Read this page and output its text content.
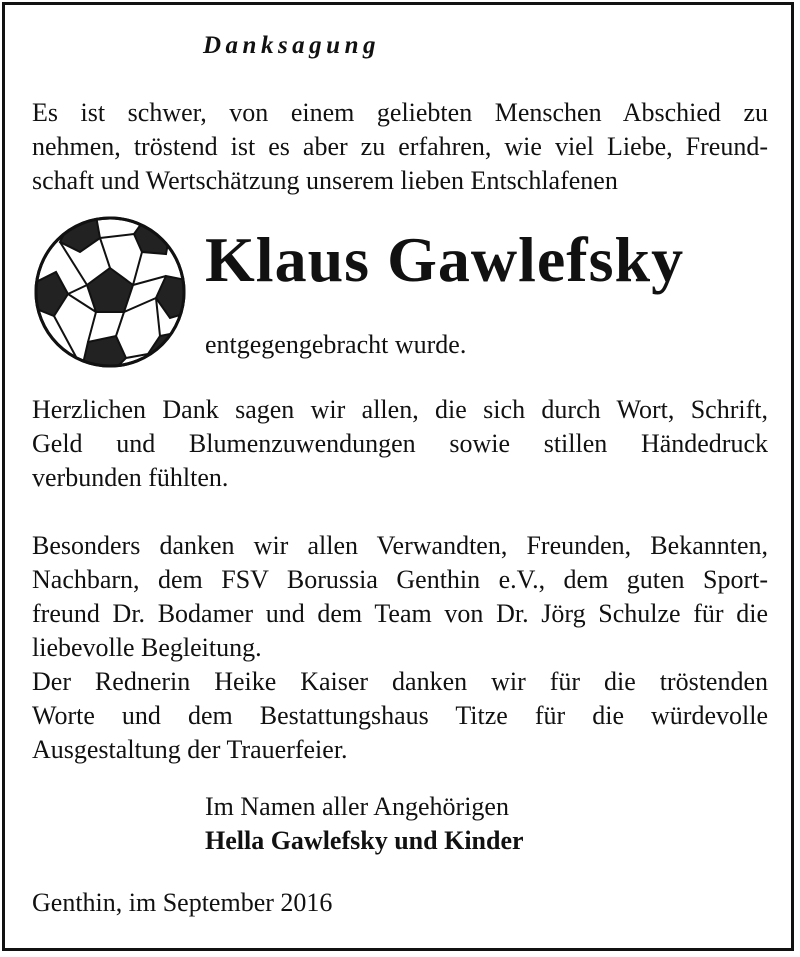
Danksagung
Es ist schwer, von einem geliebten Menschen Abschied zu
nehmen, tröstend ist es aber zu erfahren, wie viel Liebe, Freund-
schaft und Wertschätzung unserem lieben Entschlafenen
Klaus Gawlefsky
entgegengebracht wurde.
Herzlichen Dank sagen wir allen, die sich durch Wort, Schrift,
Geld und Blumenzuwendungen sowie stillen Händedruck
verbunden fühlten.
Besonders danken wir allen Verwandten, Freunden, Bekannten,
Nachbarn, dem FSV Borussia Genthin e.V., dem guten Sport-
freund Dr. Bodamer und dem Team von Dr. Jörg Schulze für die
liebevolle Begleitung.
Der Rednerin Heike Kaiser danken wir für die tröstenden
Worte und dem Bestattungshaus Titze für die würdevolle
Ausgestaltung der Trauerfeier.
Im Namen aller Angehörigen
Hella Gawlefsky und Kinder
Genthin, im September 2016
